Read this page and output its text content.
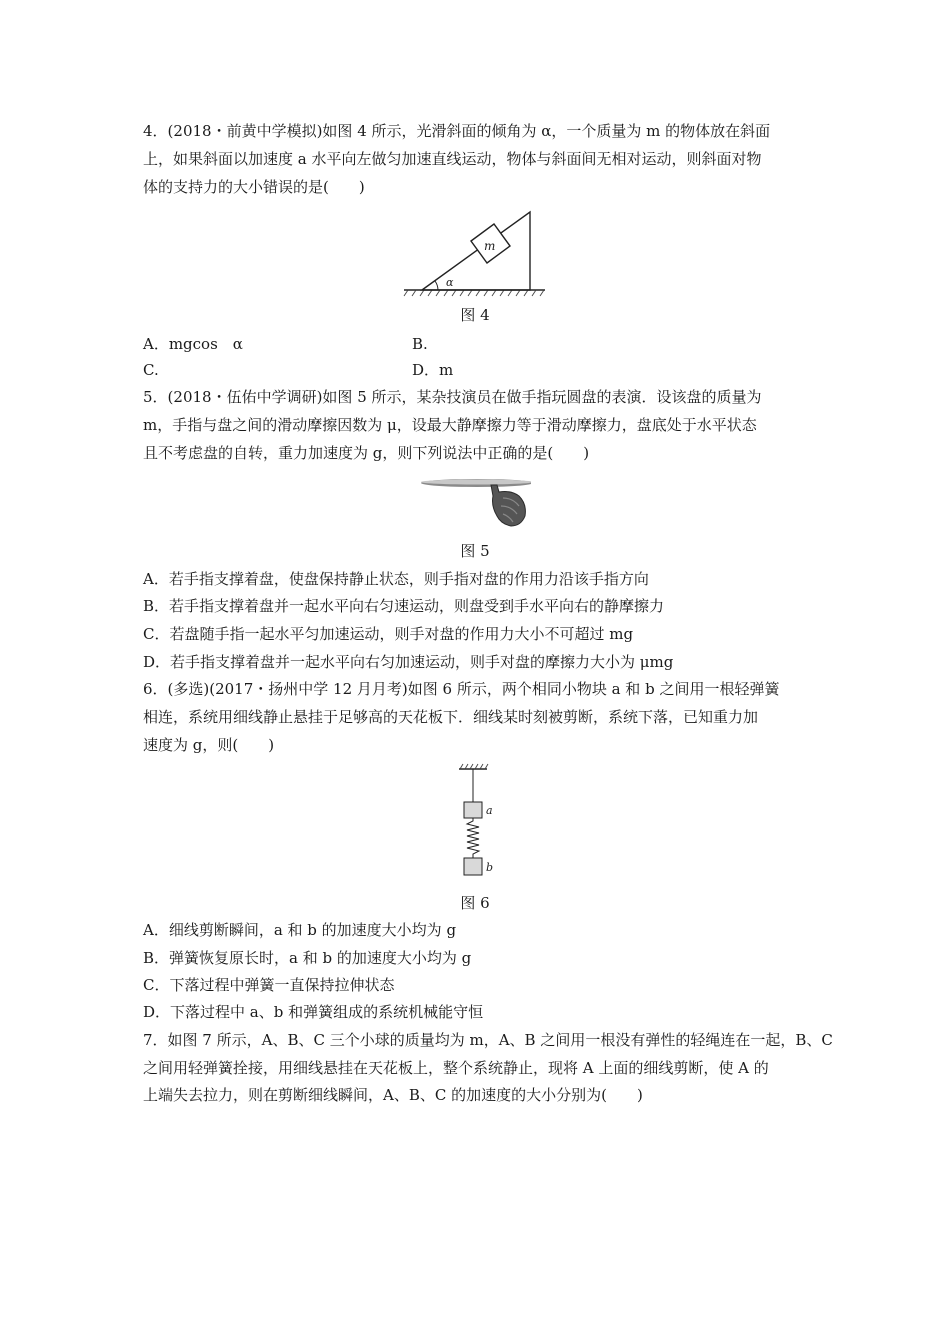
4．(2018・前黄中学模拟)如图 4 所示，光滑斜面的倾角为 α，一个质量为 m 的物体放在斜面
上，如果斜面以加速度 a 水平向左做匀加速直线运动，物体与斜面间无相对运动，则斜面对物
体的支持力的大小错误的是(　　)
α
m
图 4
A．mgcos　α	B.
C.	D．m
5．(2018・伍佑中学调研)如图 5 所示，某杂技演员在做手指玩圆盘的表演．设该盘的质量为
m，手指与盘之间的滑动摩擦因数为 μ，设最大静摩擦力等于滑动摩擦力，盘底处于水平状态
且不考虑盘的自转，重力加速度为 g，则下列说法中正确的是(　　)
图 5
A．若手指支撑着盘，使盘保持静止状态，则手指对盘的作用力沿该手指方向
B．若手指支撑着盘并一起水平向右匀速运动，则盘受到手水平向右的静摩擦力
C．若盘随手指一起水平匀加速运动，则手对盘的作用力大小不可超过 mg
D．若手指支撑着盘并一起水平向右匀加速运动，则手对盘的摩擦力大小为 μmg
6．(多选)(2017・扬州中学 12 月月考)如图 6 所示，两个相同小物块 a 和 b 之间用一根轻弹簧
相连，系统用细线静止悬挂于足够高的天花板下．细线某时刻被剪断，系统下落，已知重力加
速度为 g，则(　　)
a
b
图 6
A．细线剪断瞬间，a 和 b 的加速度大小均为 g
B．弹簧恢复原长时，a 和 b 的加速度大小均为 g
C．下落过程中弹簧一直保持拉伸状态
D．下落过程中 a、b 和弹簧组成的系统机械能守恒
7．如图 7 所示，A、B、C 三个小球的质量均为 m，A、B 之间用一根没有弹性的轻绳连在一起，B、C
之间用轻弹簧拴接，用细线悬挂在天花板上，整个系统静止，现将 A 上面的细线剪断，使 A 的
上端失去拉力，则在剪断细线瞬间，A、B、C 的加速度的大小分别为(　　)
